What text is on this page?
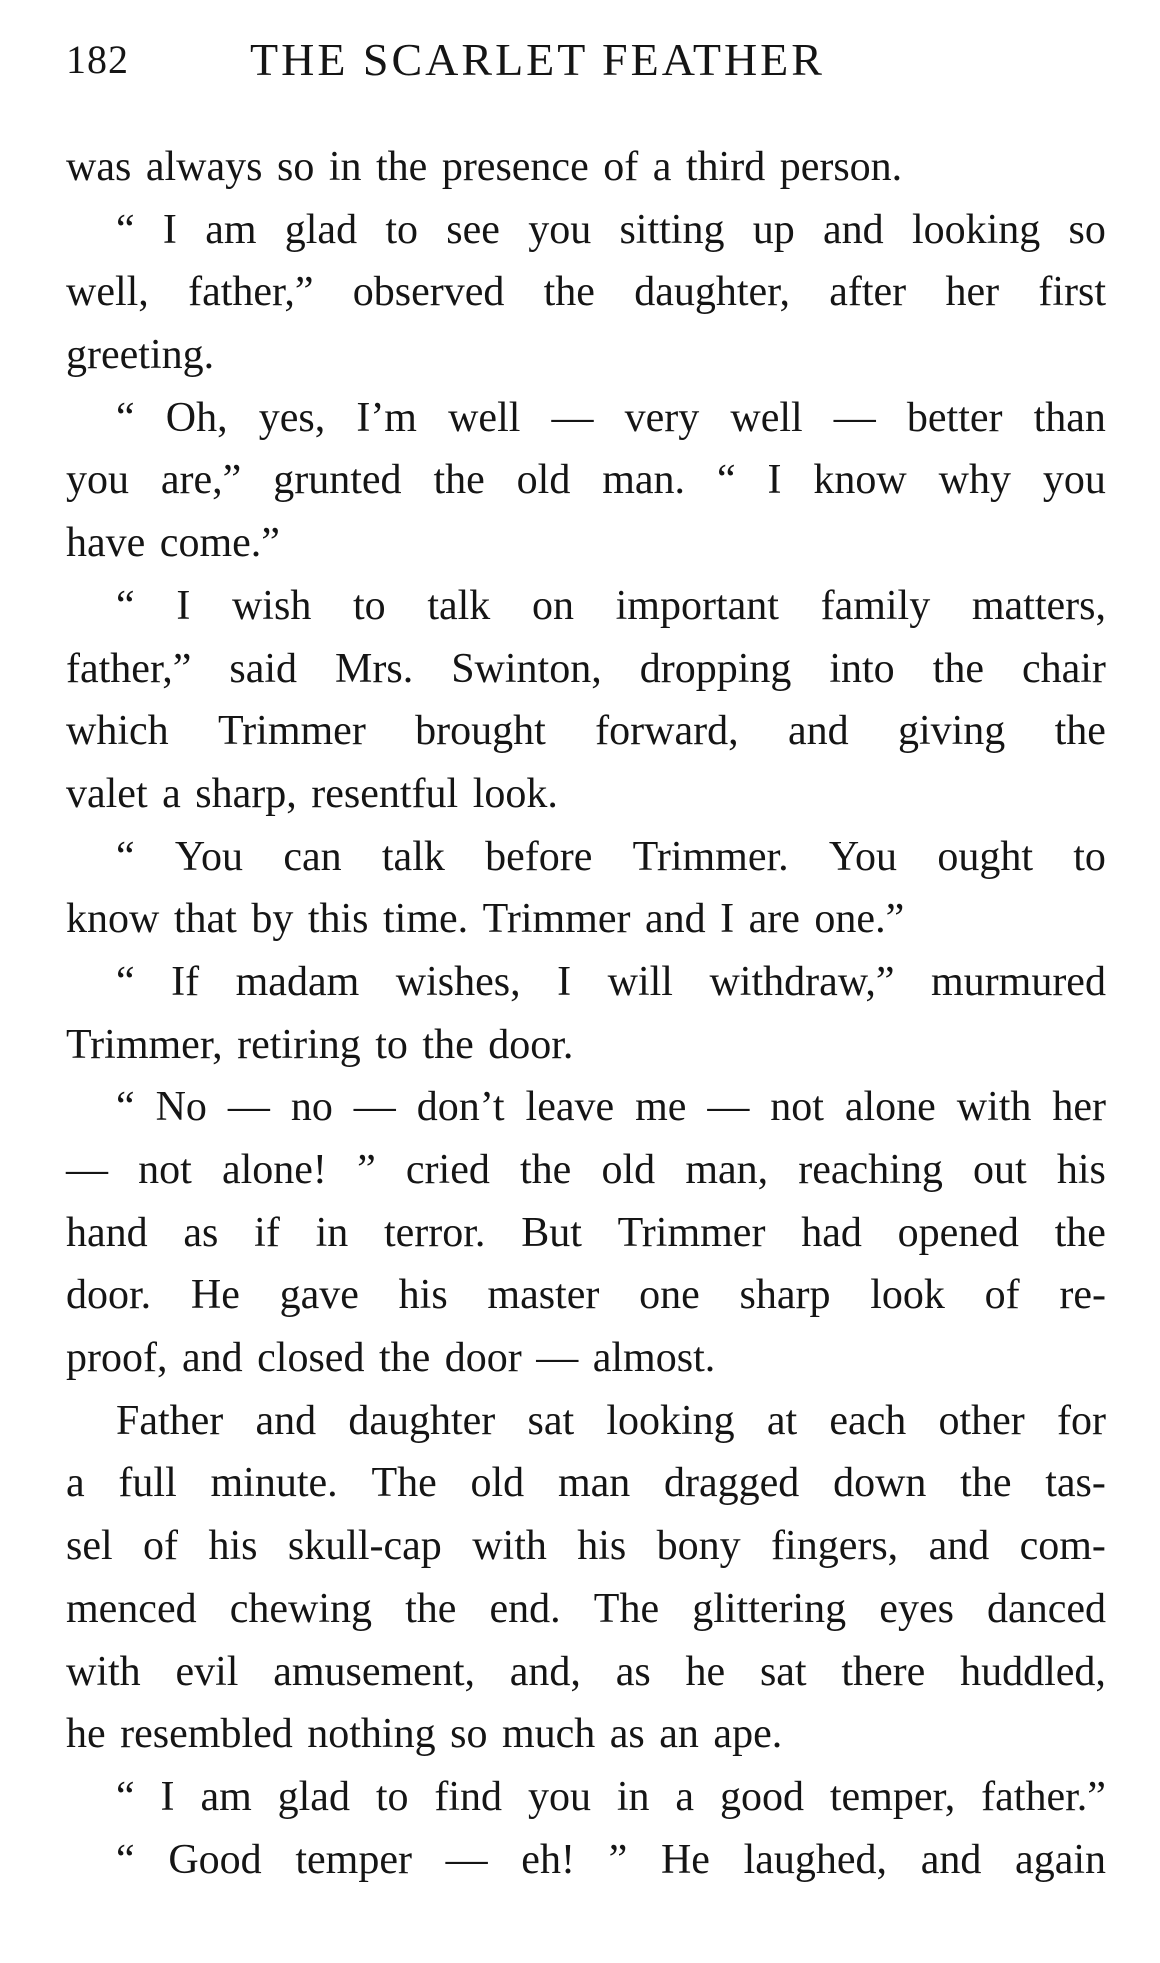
182	THE SCARLET FEATHER
was always so in the presence of a third person.
“ I am glad to see you sitting up and looking so
well, father,” observed the daughter, after her first
greeting.
“ Oh, yes, I’m well — very well — better than
you are,” grunted the old man. “ I know why you
have come.”
“ I wish to talk on important family matters,
father,” said Mrs. Swinton, dropping into the chair
which Trimmer brought forward, and giving the
valet a sharp, resentful look.
“ You can talk before Trimmer. You ought to
know that by this time. Trimmer and I are one.”
“ If madam wishes, I will withdraw,” murmured
Trimmer, retiring to the door.
“ No — no — don’t leave me — not alone with her
— not alone! ” cried the old man, reaching out his
hand as if in terror. But Trimmer had opened the
door. He gave his master one sharp look of re-
proof, and closed the door — almost.
Father and daughter sat looking at each other for
a full minute. The old man dragged down the tas-
sel of his skull-cap with his bony fingers, and com-
menced chewing the end. The glittering eyes danced
with evil amusement, and, as he sat there huddled,
he resembled nothing so much as an ape.
“ I am glad to find you in a good temper, father.”
“ Good temper — eh! ” He laughed, and again
